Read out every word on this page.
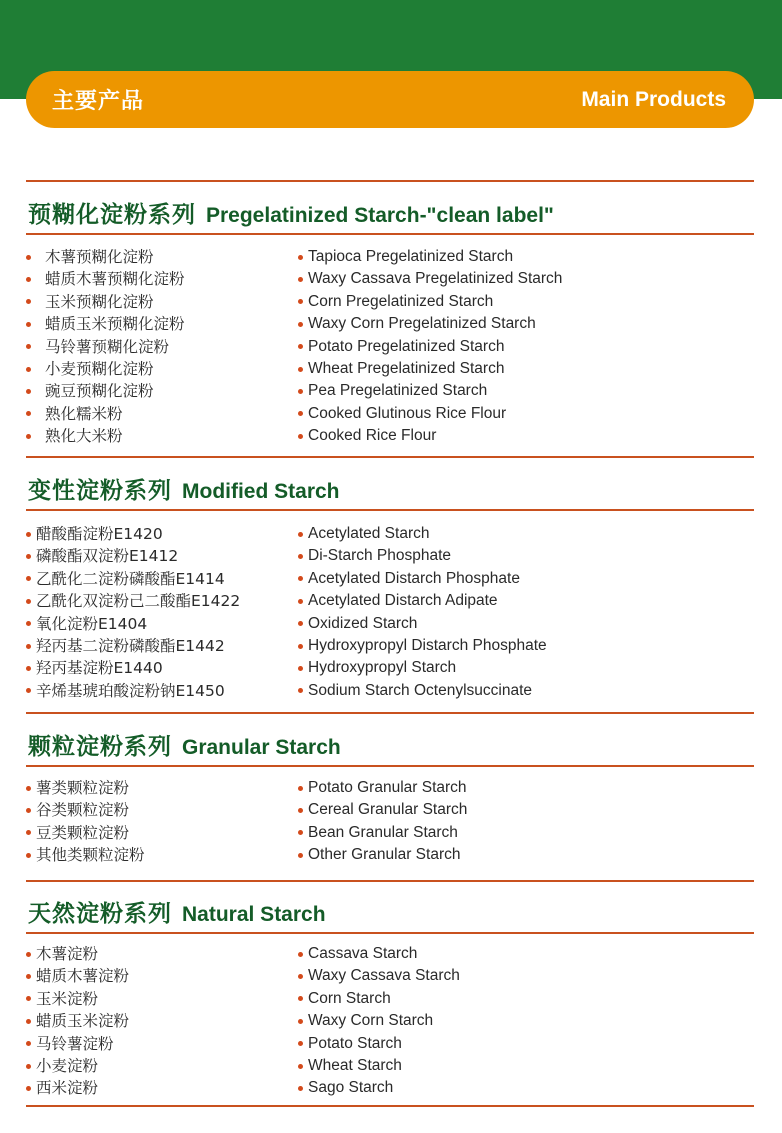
主要产品	Main Products
预糊化淀粉系列 Pregelatinized Starch-"clean label"
木薯预糊化淀粉
蜡质木薯预糊化淀粉
玉米预糊化淀粉
蜡质玉米预糊化淀粉
马铃薯预糊化淀粉
小麦预糊化淀粉
豌豆预糊化淀粉
熟化糯米粉
熟化大米粉
Tapioca Pregelatinized Starch
Waxy Cassava Pregelatinized Starch
Corn Pregelatinized Starch
Waxy Corn Pregelatinized Starch
Potato Pregelatinized Starch
Wheat Pregelatinized Starch
Pea Pregelatinized Starch
Cooked Glutinous Rice Flour
Cooked Rice Flour
变性淀粉系列 Modified Starch
醋酸酯淀粉E1420
磷酸酯双淀粉E1412
乙酰化二淀粉磷酸酯E1414
乙酰化双淀粉己二酸酯E1422
氧化淀粉E1404
羟丙基二淀粉磷酸酯E1442
羟丙基淀粉E1440
辛烯基琥珀酸淀粉钠E1450
Acetylated Starch
Di-Starch Phosphate
Acetylated Distarch Phosphate
Acetylated Distarch Adipate
Oxidized Starch
Hydroxypropyl Distarch Phosphate
Hydroxypropyl Starch
Sodium Starch Octenylsuccinate
颗粒淀粉系列 Granular Starch
薯类颗粒淀粉
谷类颗粒淀粉
豆类颗粒淀粉
其他类颗粒淀粉
Potato Granular Starch
Cereal Granular Starch
Bean Granular Starch
Other Granular Starch
天然淀粉系列 Natural Starch
木薯淀粉
蜡质木薯淀粉
玉米淀粉
蜡质玉米淀粉
马铃薯淀粉
小麦淀粉
西米淀粉
Cassava Starch
Waxy Cassava Starch
Corn Starch
Waxy Corn Starch
Potato Starch
Wheat Starch
Sago Starch
